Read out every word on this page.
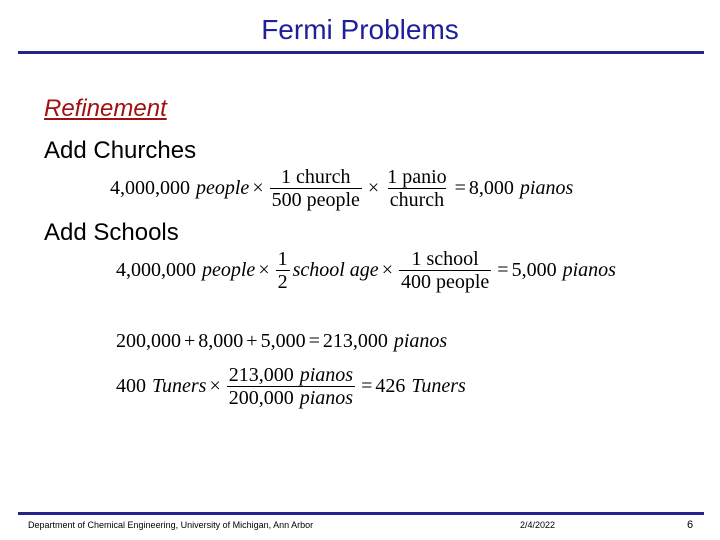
Fermi Problems
Refinement
Add Churches
4,000,000 people × $\frac{\text{1 church}}{\text{500 people}} \times \frac{\text{1 panio}}{\text{church}} = 8,000$ pianos
Add Schools
4,000,000 people × $\frac{1}{2}$ school age × $\frac{\text{1 school}}{\text{400 people}} = 5,000$ pianos
200,000 + 8,000 + 5,000 = 213,000 pianos
400 Tuners × $\frac{\text{213,000 pianos}}{\text{200,000 pianos}} = 426$ Tuners
Department of Chemical Engineering, University of Michigan, Ann Arbor	2/4/2022	6
